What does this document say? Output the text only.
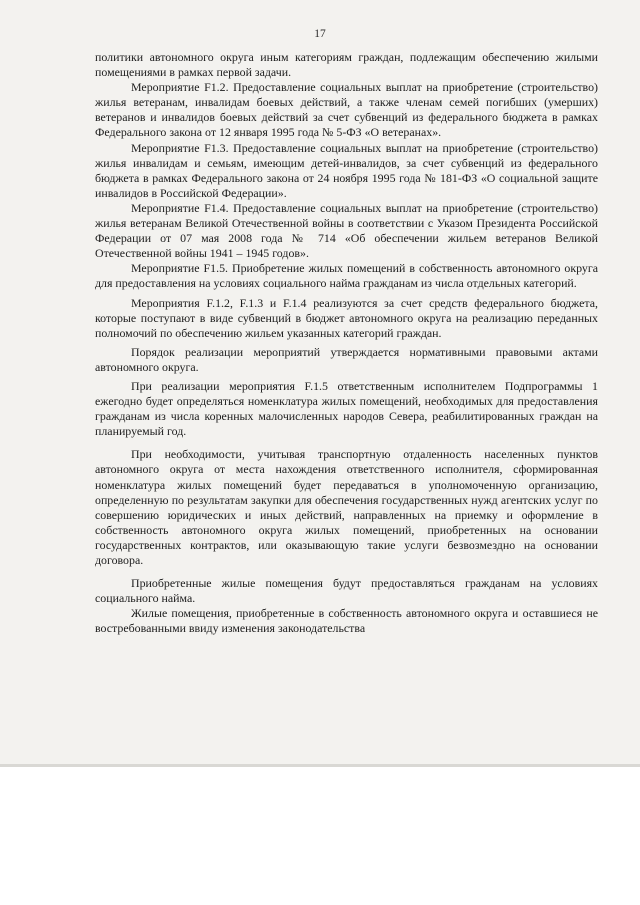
17

политики автономного округа иным категориям граждан, подлежащим обеспечению жилыми помещениями в рамках первой задачи.

Мероприятие F1.2. Предоставление социальных выплат на приобретение (строительство) жилья ветеранам, инвалидам боевых действий, а также членам семей погибших (умерших) ветеранов и инвалидов боевых действий за счет субвенций из федерального бюджета в рамках Федерального закона от 12 января 1995 года № 5-ФЗ «О ветеранах».

Мероприятие F1.3. Предоставление социальных выплат на приобретение (строительство) жилья инвалидам и семьям, имеющим детей-инвалидов, за счет субвенций из федерального бюджета в рамках Федерального закона от 24 ноября 1995 года № 181-ФЗ «О социальной защите инвалидов в Российской Федерации».

Мероприятие F1.4. Предоставление социальных выплат на приобретение (строительство) жилья ветеранам Великой Отечественной войны в соответствии с Указом Президента Российской Федерации от 07 мая 2008 года № 714 «Об обеспечении жильем ветеранов Великой Отечественной войны 1941 – 1945 годов».

Мероприятие F1.5. Приобретение жилых помещений в собственность автономного округа для предоставления на условиях социального найма гражданам из числа отдельных категорий.

Мероприятия F.1.2, F.1.3 и F.1.4 реализуются за счет средств федерального бюджета, которые поступают в виде субвенций в бюджет автономного округа на реализацию переданных полномочий по обеспечению жильем указанных категорий граждан.

Порядок реализации мероприятий утверждается нормативными правовыми актами автономного округа.

При реализации мероприятия F.1.5 ответственным исполнителем Подпрограммы 1 ежегодно будет определяться номенклатура жилых помещений, необходимых для предоставления гражданам из числа коренных малочисленных народов Севера, реабилитированных граждан на планируемый год.

При необходимости, учитывая транспортную отдаленность населенных пунктов автономного округа от места нахождения ответственного исполнителя, сформированная номенклатура жилых помещений будет передаваться в уполномоченную организацию, определенную по результатам закупки для обеспечения государственных нужд агентских услуг по совершению юридических и иных действий, направленных на приемку и оформление в собственность автономного округа жилых помещений, приобретенных на основании государственных контрактов, или оказывающую такие услуги безвозмездно на основании договора.

Приобретенные жилые помещения будут предоставляться гражданам на условиях социального найма.

Жилые помещения, приобретенные в собственность автономного округа и оставшиеся не востребованными ввиду изменения законодательства
